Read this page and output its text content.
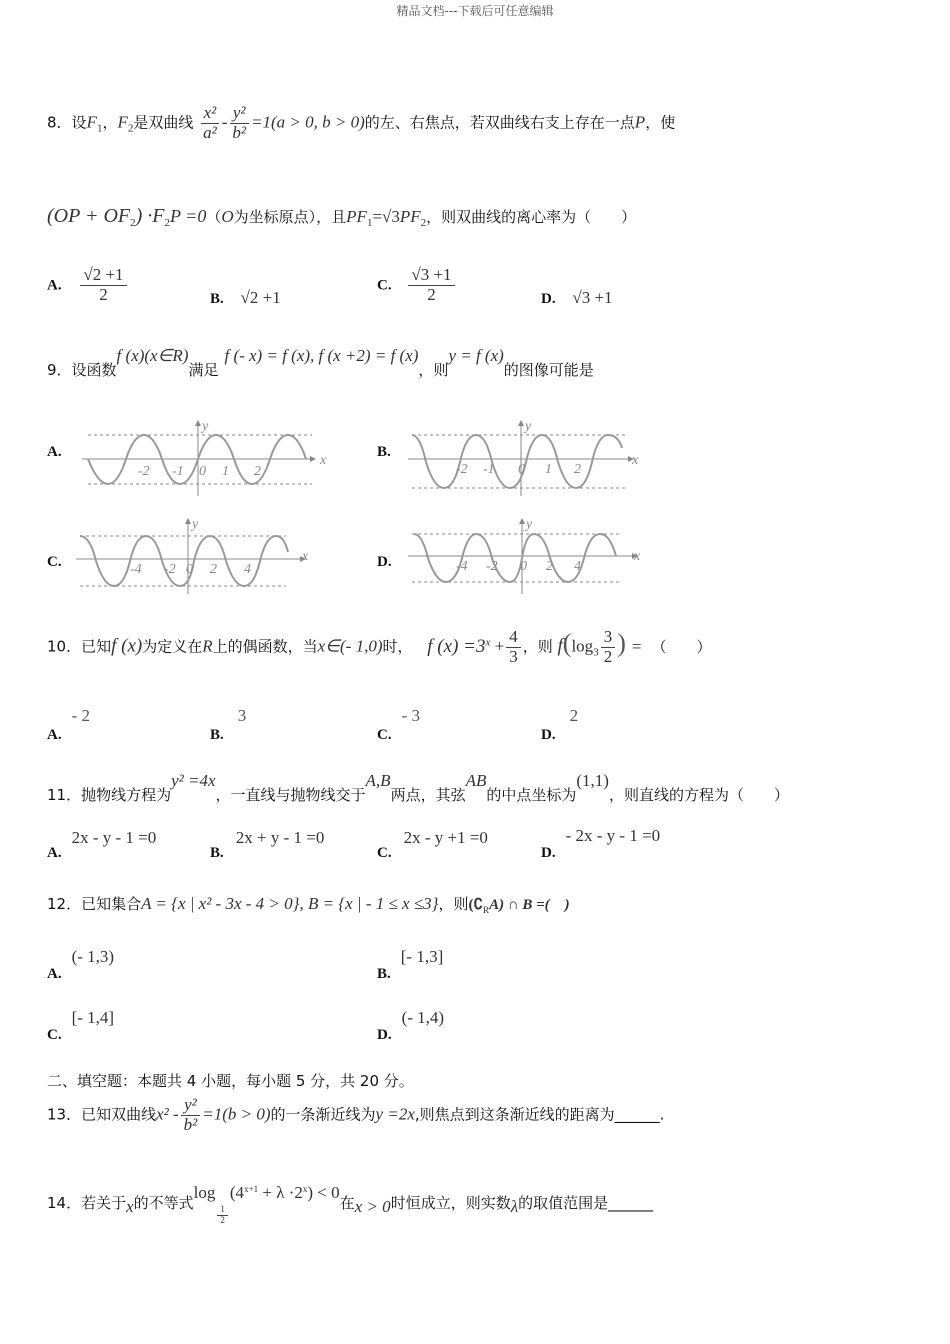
精品文档---下载后可任意编辑
8．设$F_1$，$F_2$是双曲线 $\frac{\text{x²}}{\text{a²}} - \frac{\text{y²}}{\text{b²}} =1(a > 0$, b > 0)的左、右焦点，若双曲线右支上存在一点P，使
$(OP + OF_2) \cdot F_2P =0(O$为坐标原点），且$PF_1=√3PF_2$，则双曲线的离心率为（　　）
A. $\frac{√2 +1}{2}$	B. √2 +1
C. $\frac{√3 +1}{2}$	D. √3 +1
9．设函数f (x)(x∈R)满足f (- x) = f (x), f (x +2) = f (x)，则y = f (x)的图像可能是
A.	B.
C.	D.
x
y
-2 -1 0 1 2
x
y
-2 -1 0 1 2
x
y
-4 -2 0 2 4
x
y
-4 -2 0 2 4
10．已知f (x)为定义在R上的偶函数，当x∈(- 1,0)时， f $(x) =3^x + \frac{4}{3}$ ，则 $f(\log_3 \frac{3}{2}$ ) = （　　）
A.- 2
B.3
C.- 3
D.2
11．抛物线方程为y² =4x，一直线与抛物线交于A,B两点，其弦AB的中点坐标为(1,1)，则直线的方程为（　　）
A.2x - y - 1 =0
B.2x + y - 1 =0
C.2x - y +1 =0
D.- 2x - y - 1 =0
12．已知集合A = {x | x² - 3x - 4 > 0}, B = {x | - 1 ≤ x ≤3}，则$(∁_RA)$ ∩ B =(　)
A.(- 1,3)
B.[- 1,3]
C.[- 1,4]
D.(- 1,4)
二、填空题：本题共 4 小题，每小题 5 分，共 20 分。
13．已知双曲线$x^2 - \frac{\text{y²}}{\text{b²}} =1(b > 0)$的一条渐近线为y =2x,则焦点到这条渐近线的距离为______.
14．若关于x的不等式log
$\frac{1}{2}$
$(4^{x+1} + \lambda \cdot 2^x) < 0$在x > 0时恒成立，则实数λ的取值范围是______
